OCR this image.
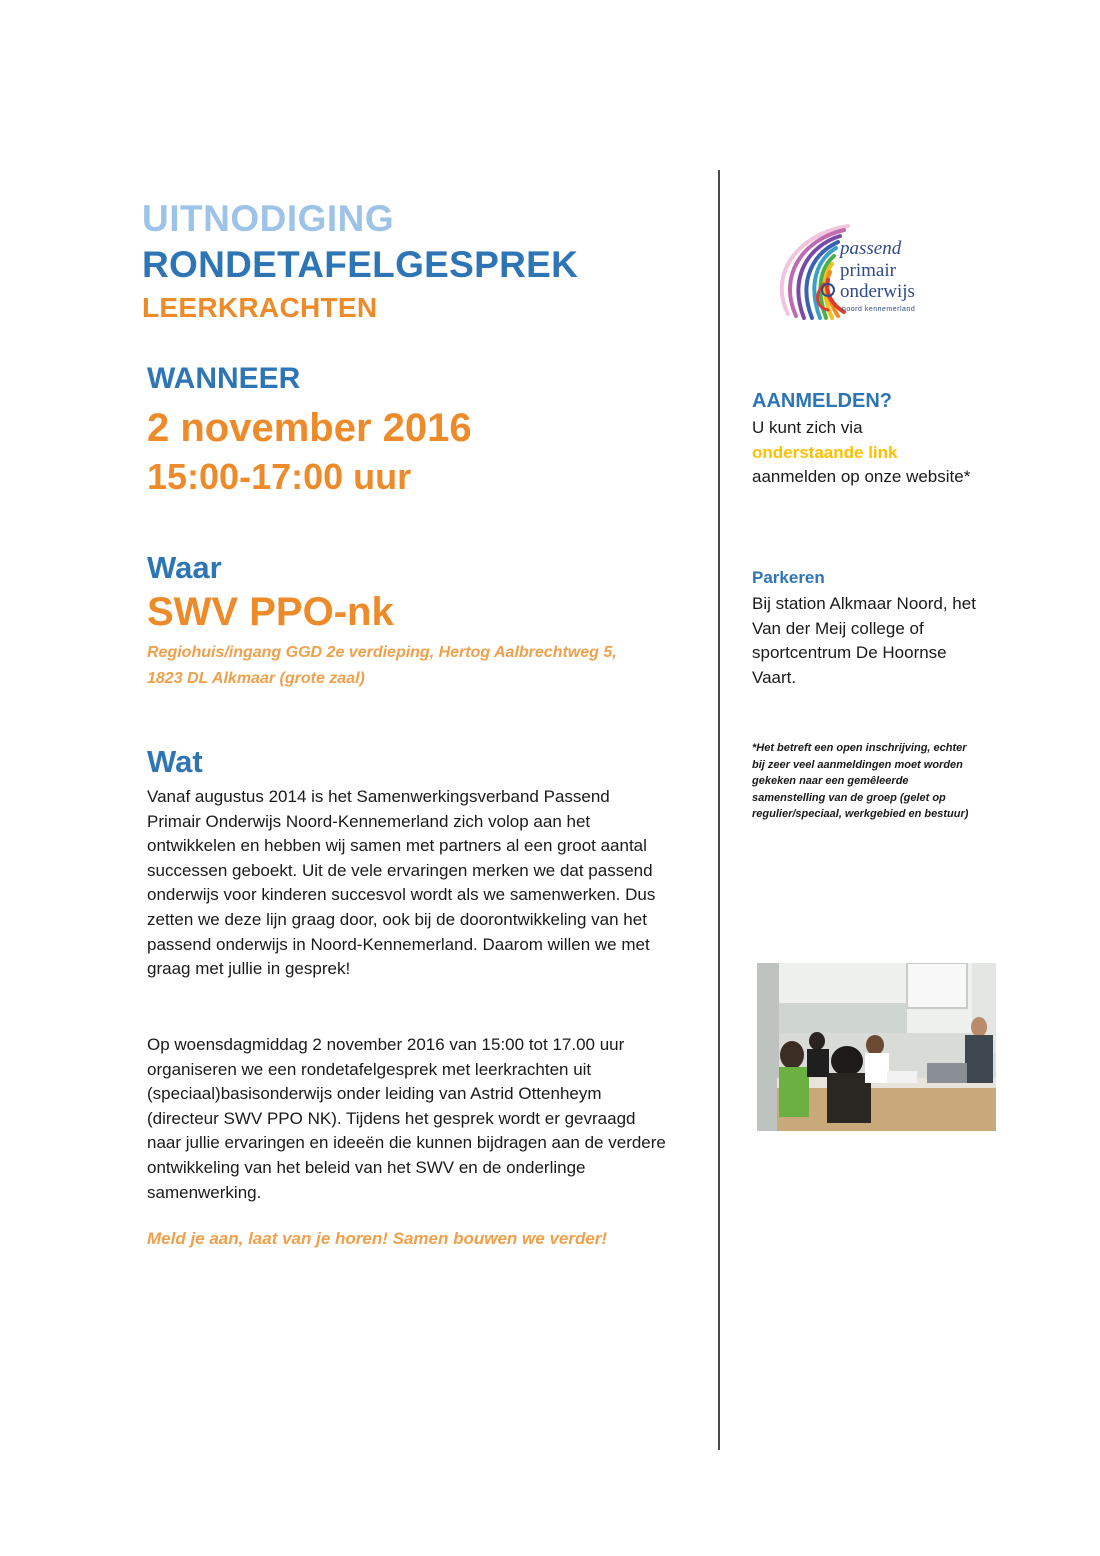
UITNODIGING
RONDETAFELGESPREK
LEERKRACHTEN
WANNEER
2 november 2016
15:00-17:00 uur
Waar
SWV PPO-nk
Regiohuis/ingang GGD 2e verdieping, Hertog Aalbrechtweg 5,
1823 DL Alkmaar (grote zaal)
Wat

Vanaf augustus 2014 is het Samenwerkingsverband Passend Primair Onderwijs Noord-Kennemerland zich volop aan het ontwikkelen en hebben wij samen met partners al een groot aantal successen geboekt. Uit de vele ervaringen merken we dat passend onderwijs voor kinderen succesvol wordt als we samenwerken. Dus zetten we deze lijn graag door, ook bij de doorontwikkeling van het passend onderwijs in Noord-Kennemerland. Daarom willen we met graag met jullie in gesprek!

Op woensdagmiddag 2 november 2016 van 15:00 tot 17.00 uur organiseren we een rondetafelgesprek met leerkrachten uit (speciaal)basisonderwijs onder leiding van Astrid Ottenheym (directeur SWV PPO NK). Tijdens het gesprek wordt er gevraagd naar jullie ervaringen en ideeën die kunnen bijdragen aan de verdere ontwikkeling van het beleid van het SWV en de onderlinge samenwerking.

Meld je aan, laat van je horen! Samen bouwen we verder!
passend
primair
onderwijs
noord kennemerland
AANMELDEN?
U kunt zich via
onderstaande link
aanmelden op onze website*
Parkeren
Bij station Alkmaar Noord, het Van der Meij college of sportcentrum De Hoornse Vaart.
*Het betreft een open inschrijving, echter bij zeer veel aanmeldingen moet worden gekeken naar een gemêleerde samenstelling van de groep (gelet op regulier/speciaal, werkgebied en bestuur)
